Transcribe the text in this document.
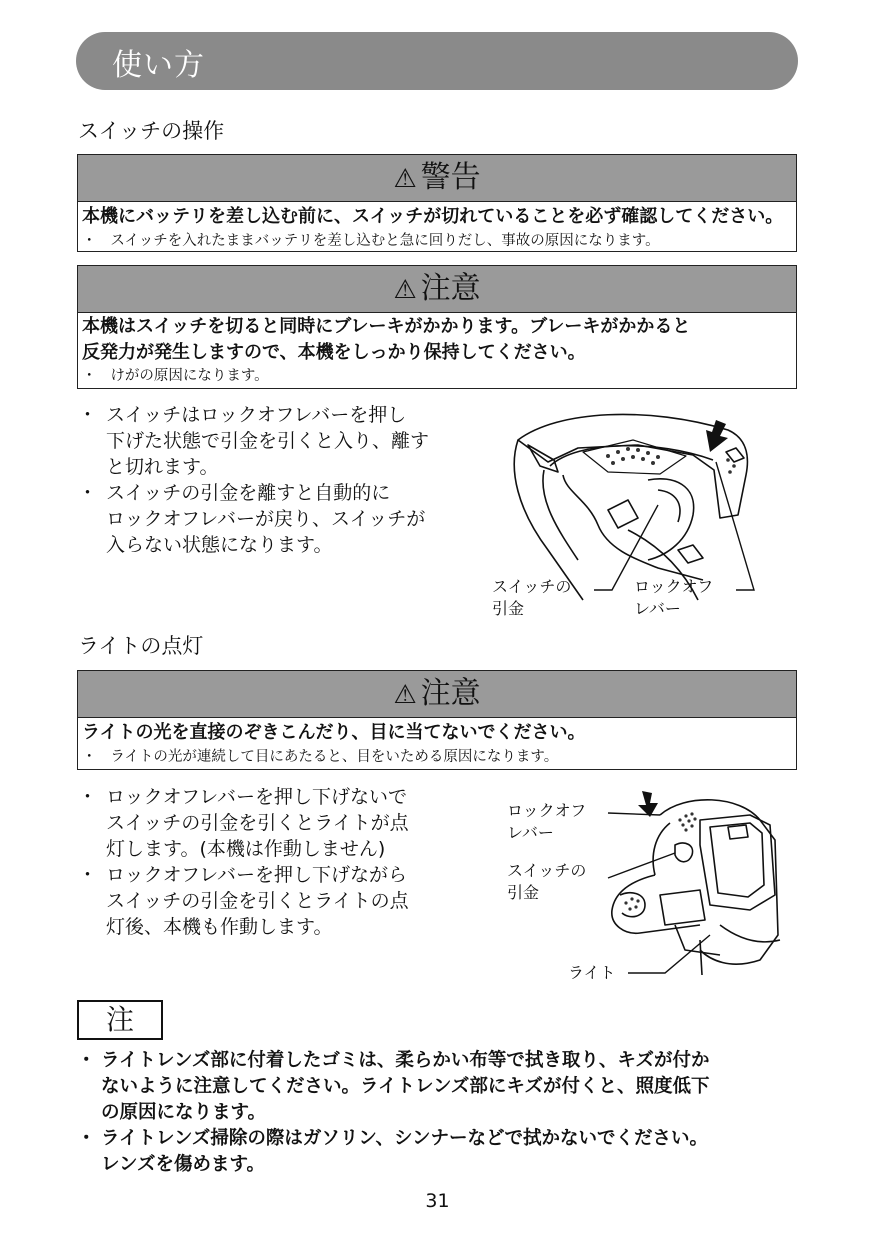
使い方
スイッチの操作
⚠ 警告
本機にバッテリを差し込む前に、スイッチが切れていることを必ず確認してください。
・ スイッチを入れたままバッテリを差し込むと急に回りだし、事故の原因になります。
⚠ 注意
本機はスイッチを切ると同時にブレーキがかかります。ブレーキがかかると
反発力が発生しますので、本機をしっかり保持してください。
・ けがの原因になります。
・ スイッチはロックオフレバーを押し
下げた状態で引金を引くと入り、離す
と切れます。
・ スイッチの引金を離すと自動的に
ロックオフレバーが戻り、スイッチが
入らない状態になります。
スイッチの
引金
ロックオフ
レバー
ライトの点灯
⚠ 注意
ライトの光を直接のぞきこんだり、目に当てないでください。
・ ライトの光が連続して目にあたると、目をいためる原因になります。
・ ロックオフレバーを押し下げないで
スイッチの引金を引くとライトが点
灯します。(本機は作動しません)
・ ロックオフレバーを押し下げながら
スイッチの引金を引くとライトの点
灯後、本機も作動します。
ロックオフ
レバー
スイッチの
引金
ライト
注
・ ライトレンズ部に付着したゴミは、柔らかい布等で拭き取り、キズが付か
ないように注意してください。ライトレンズ部にキズが付くと、照度低下
の原因になります。
・ ライトレンズ掃除の際はガソリン、シンナーなどで拭かないでください。
レンズを傷めます。
31
